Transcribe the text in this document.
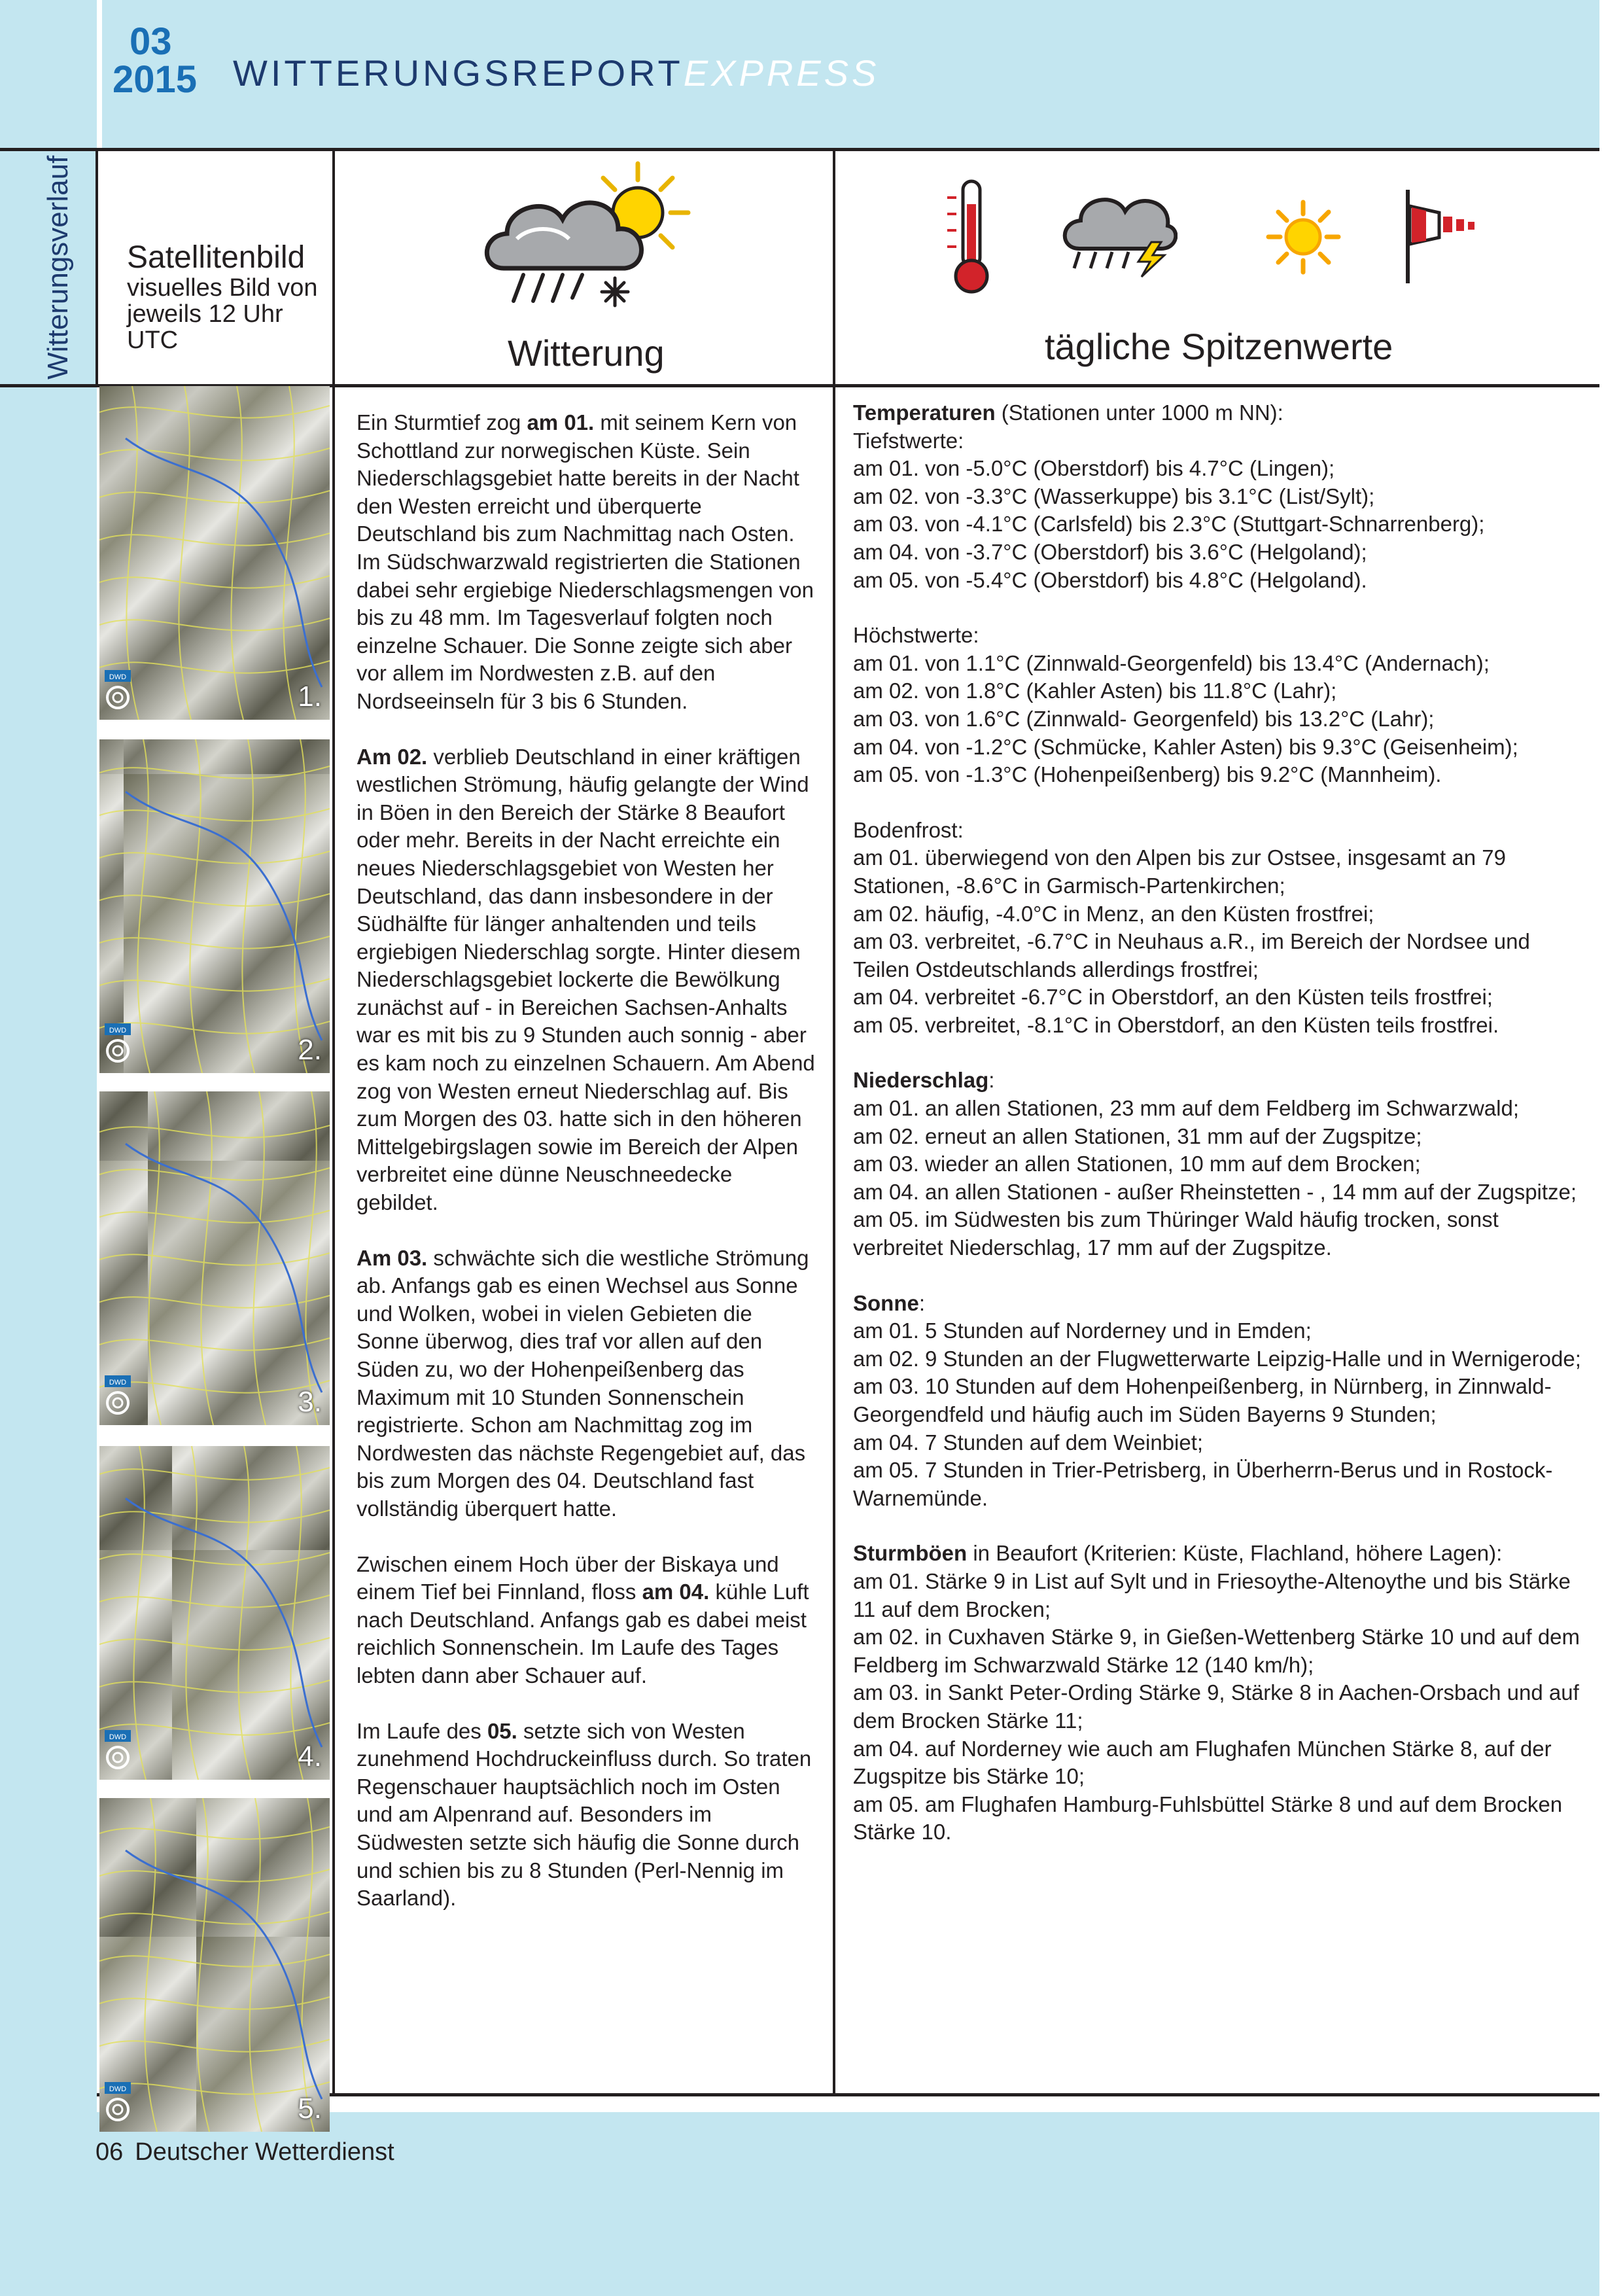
03
2015 WITTERUNGSREPORTEXPRESS
Witterungsverlauf Satellitenbild
visuelles Bild von jeweils 12 Uhr UTC	Witterung	tägliche Spitzenwerte
DWD
1.
DWD
2.
DWD
3.
DWD
4.
DWD
5.

Ein Sturmtief zog am 01. mit seinem Kern von Schottland zur norwegischen Küste. Sein Niederschlagsgebiet hatte bereits in der Nacht den Westen erreicht und überquerte Deutschland bis zum Nachmittag nach Osten. Im Südschwarzwald registrierten die Stationen dabei sehr ergiebige Niederschlagsmengen von bis zu 48 mm. Im Tagesverlauf folgten noch einzelne Schauer. Die Sonne zeigte sich aber vor allem im Nordwesten z.B. auf den Nordseeinseln für 3 bis 6 Stunden.

Am 02. verblieb Deutschland in einer kräftigen westlichen Strömung, häufig gelangte der Wind in Böen in den Bereich der Stärke 8 Beaufort oder mehr. Bereits in der Nacht erreichte ein neues Niederschlagsgebiet von Westen her Deutschland, das dann insbesondere in der Südhälfte für länger anhaltenden und teils ergiebigen Niederschlag sorgte. Hinter diesem Niederschlagsgebiet lockerte die Bewölkung zunächst auf - in Bereichen Sachsen-Anhalts war es mit bis zu 9 Stunden auch sonnig - aber es kam noch zu einzelnen Schauern. Am Abend zog von Westen erneut Niederschlag auf. Bis zum Morgen des 03. hatte sich in den höheren Mittelgebirgslagen sowie im Bereich der Alpen verbreitet eine dünne Neuschneedecke gebildet.

Am 03. schwächte sich die westliche Strömung ab. Anfangs gab es einen Wechsel aus Sonne und Wolken, wobei in vielen Gebieten die Sonne überwog, dies traf vor allen auf den Süden zu, wo der Hohenpeißenberg das Maximum mit 10 Stunden Sonnenschein registrierte. Schon am Nachmittag zog im Nordwesten das nächste Regengebiet auf, das bis zum Morgen des 04. Deutschland fast vollständig überquert hatte.

Zwischen einem Hoch über der Biskaya und einem Tief bei Finnland, floss am 04. kühle Luft nach Deutschland. Anfangs gab es dabei meist reichlich Sonnenschein. Im Laufe des Tages lebten dann aber Schauer auf.

Im Laufe des 05. setzte sich von Westen zunehmend Hochdruckeinfluss durch. So traten Regenschauer hauptsächlich noch im Osten und am Alpenrand auf. Besonders im Südwesten setzte sich häufig die Sonne durch und schien bis zu 8 Stunden (Perl-Nennig im Saarland).

Temperaturen (Stationen unter 1000 m NN):
Tiefstwerte:
am 01. von -5.0°C (Oberstdorf) bis 4.7°C (Lingen);
am 02. von -3.3°C (Wasserkuppe) bis 3.1°C (List/Sylt);
am 03. von -4.1°C (Carlsfeld) bis 2.3°C (Stuttgart-Schnarrenberg);
am 04. von -3.7°C (Oberstdorf) bis 3.6°C (Helgoland);
am 05. von -5.4°C (Oberstdorf) bis 4.8°C (Helgoland).

Höchstwerte:
am 01. von 1.1°C (Zinnwald-Georgenfeld) bis 13.4°C (Andernach);
am 02. von 1.8°C (Kahler Asten) bis 11.8°C (Lahr);
am 03. von 1.6°C (Zinnwald- Georgenfeld) bis 13.2°C (Lahr);
am 04. von -1.2°C (Schmücke, Kahler Asten) bis 9.3°C (Geisenheim);
am 05. von -1.3°C (Hohenpeißenberg) bis 9.2°C (Mannheim).

Bodenfrost:
am 01. überwiegend von den Alpen bis zur Ostsee, insgesamt an 79 Stationen, -8.6°C in Garmisch-Partenkirchen;
am 02. häufig, -4.0°C in Menz, an den Küsten frostfrei;
am 03. verbreitet, -6.7°C in Neuhaus a.R., im Bereich der Nordsee und Teilen Ostdeutschlands allerdings frostfrei;
am 04. verbreitet -6.7°C in Oberstdorf, an den Küsten teils frostfrei;
am 05. verbreitet, -8.1°C in Oberstdorf, an den Küsten teils frostfrei.

Niederschlag:
am 01. an allen Stationen, 23 mm auf dem Feldberg im Schwarzwald;
am 02. erneut an allen Stationen, 31 mm auf der Zugspitze;
am 03. wieder an allen Stationen, 10 mm auf dem Brocken;
am 04. an allen Stationen - außer Rheinstetten - , 14 mm auf der Zugspitze;
am 05. im Südwesten bis zum Thüringer Wald häufig trocken, sonst verbreitet Niederschlag, 17 mm auf der Zugspitze.

Sonne:
am 01. 5 Stunden auf Norderney und in Emden;
am 02. 9 Stunden an der Flugwetterwarte Leipzig-Halle und in Wernigerode;
am 03. 10 Stunden auf dem Hohenpeißenberg, in Nürnberg, in Zinnwald-Georgendfeld und häufig auch im Süden Bayerns 9 Stunden;
am 04. 7 Stunden auf dem Weinbiet;
am 05. 7 Stunden in Trier-Petrisberg, in Überherrn-Berus und in Rostock-Warnemünde.

Sturmböen in Beaufort (Kriterien: Küste, Flachland, höhere Lagen):
am 01. Stärke 9 in List auf Sylt und in Friesoythe-Altenoythe und bis Stärke 11 auf dem Brocken;
am 02. in Cuxhaven Stärke 9, in Gießen-Wettenberg Stärke 10 und auf dem Feldberg im Schwarzwald Stärke 12 (140 km/h);
am 03. in Sankt Peter-Ording Stärke 9, Stärke 8 in Aachen-Orsbach und auf dem Brocken Stärke 11;
am 04. auf Norderney wie auch am Flughafen München Stärke 8, auf der Zugspitze bis Stärke 10;
am 05. am Flughafen Hamburg-Fuhlsbüttel Stärke 8 und auf dem Brocken Stärke 10.

06 Deutscher Wetterdienst
